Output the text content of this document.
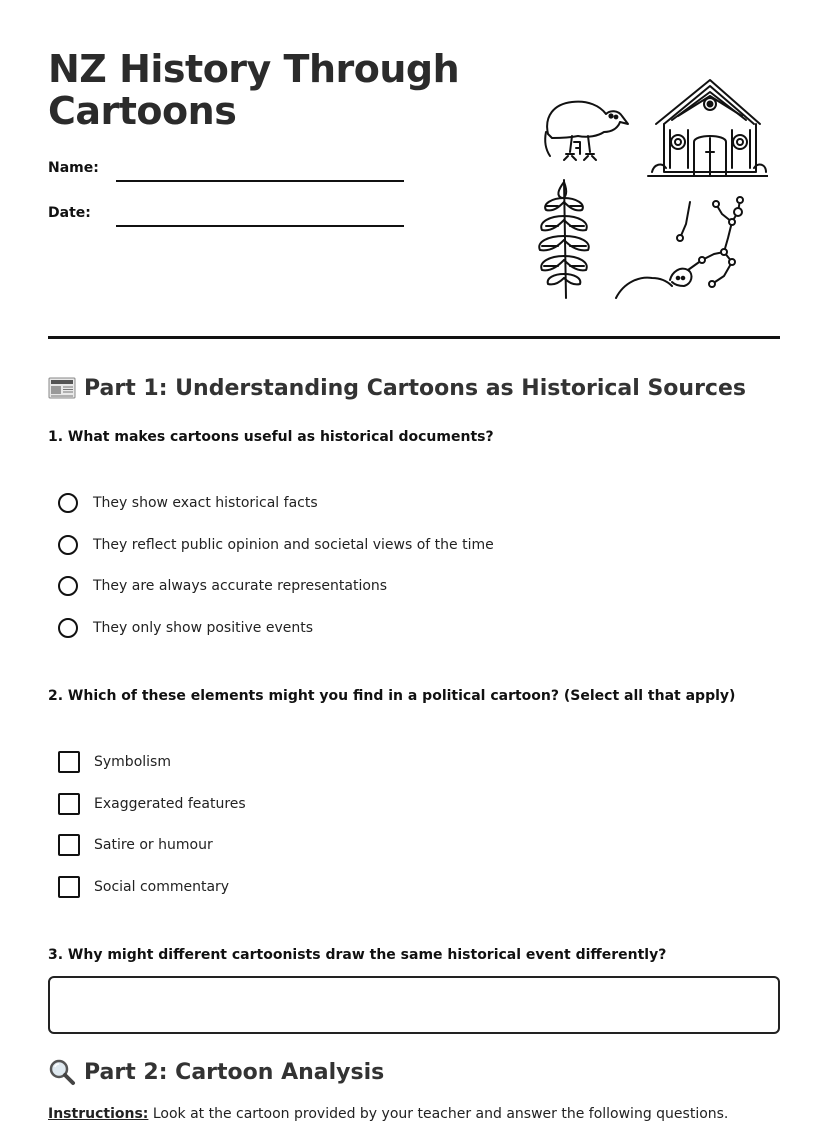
NZ History Through
Cartoons
Name:
Date:
Part 1: Understanding Cartoons as Historical Sources

1. What makes cartoons useful as historical documents?

They show exact historical facts
They reflect public opinion and societal views of the time
They are always accurate representations
They only show positive events

2. Which of these elements might you find in a political cartoon? (Select all that apply)

Symbolism
Exaggerated features
Satire or humour
Social commentary

3. Why might different cartoonists draw the same historical event differently?

Part 2: Cartoon Analysis
Instructions: Look at the cartoon provided by your teacher and answer the following questions.
